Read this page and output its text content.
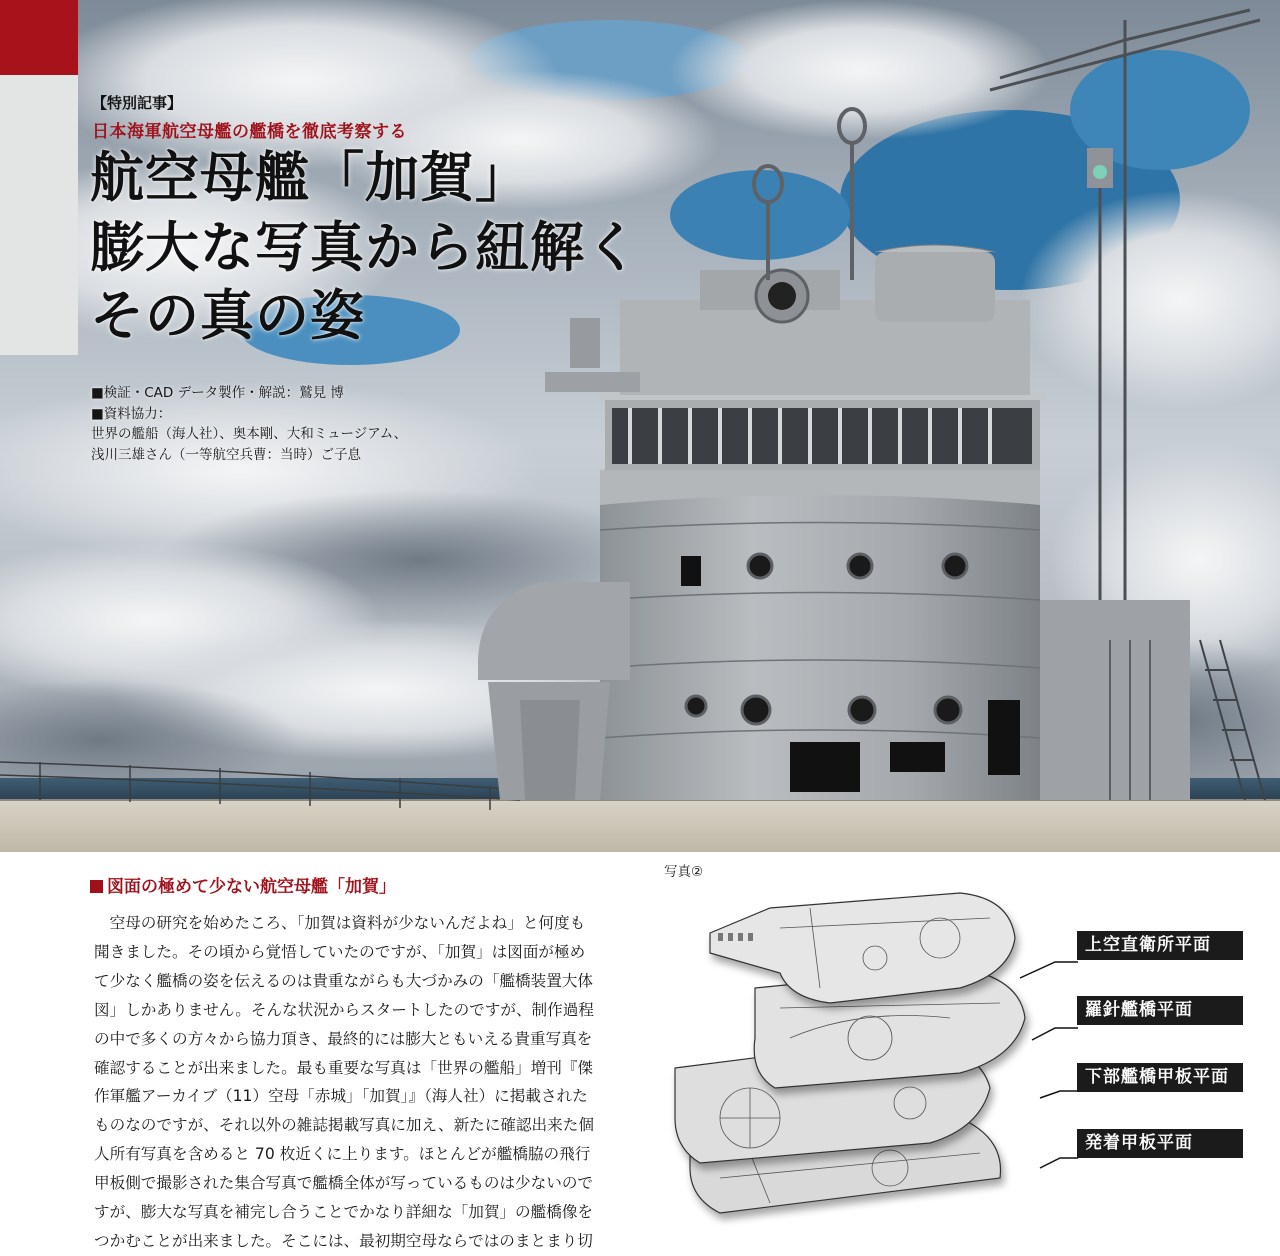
【特別記事】
日本海軍航空母艦の艦橋を徹底考察する
航空母艦「加賀」
膨大な写真から紐解く
その真の姿
■検証・CAD データ製作・解説：鷲見 博
■資料協力：
世界の艦船（海人社）、奥本剛、大和ミュージアム、
浅川三雄さん（一等航空兵曹：当時）ご子息
図面の極めて少ない航空母艦「加賀」
　空母の研究を始めたころ、「加賀は資料が少ないんだよね」と何度も
聞きました。その頃から覚悟していたのですが、「加賀」は図面が極め
て少なく艦橋の姿を伝えるのは貴重ながらも大づかみの「艦橋装置大体
図」しかありません。そんな状況からスタートしたのですが、制作過程
の中で多くの方々から協力頂き、最終的には膨大ともいえる貴重写真を
確認することが出来ました。最も重要な写真は「世界の艦船」増刊『傑
作軍艦アーカイブ（11）空母「赤城」「加賀」』（海人社）に掲載された
ものなのですが、それ以外の雑誌掲載写真に加え、新たに確認出来た個
人所有写真を含めると 70 枚近くに上ります。ほとんどが艦橋脇の飛行
甲板側で撮影された集合写真で艦橋全体が写っているものは少ないので
すが、膨大な写真を補完し合うことでかなり詳細な「加賀」の艦橋像を
つかむことが出来ました。そこには、最初期空母ならではのまとまり切
写真②
上空直衛所平面
羅針艦橋平面
下部艦橋甲板平面
発着甲板平面
